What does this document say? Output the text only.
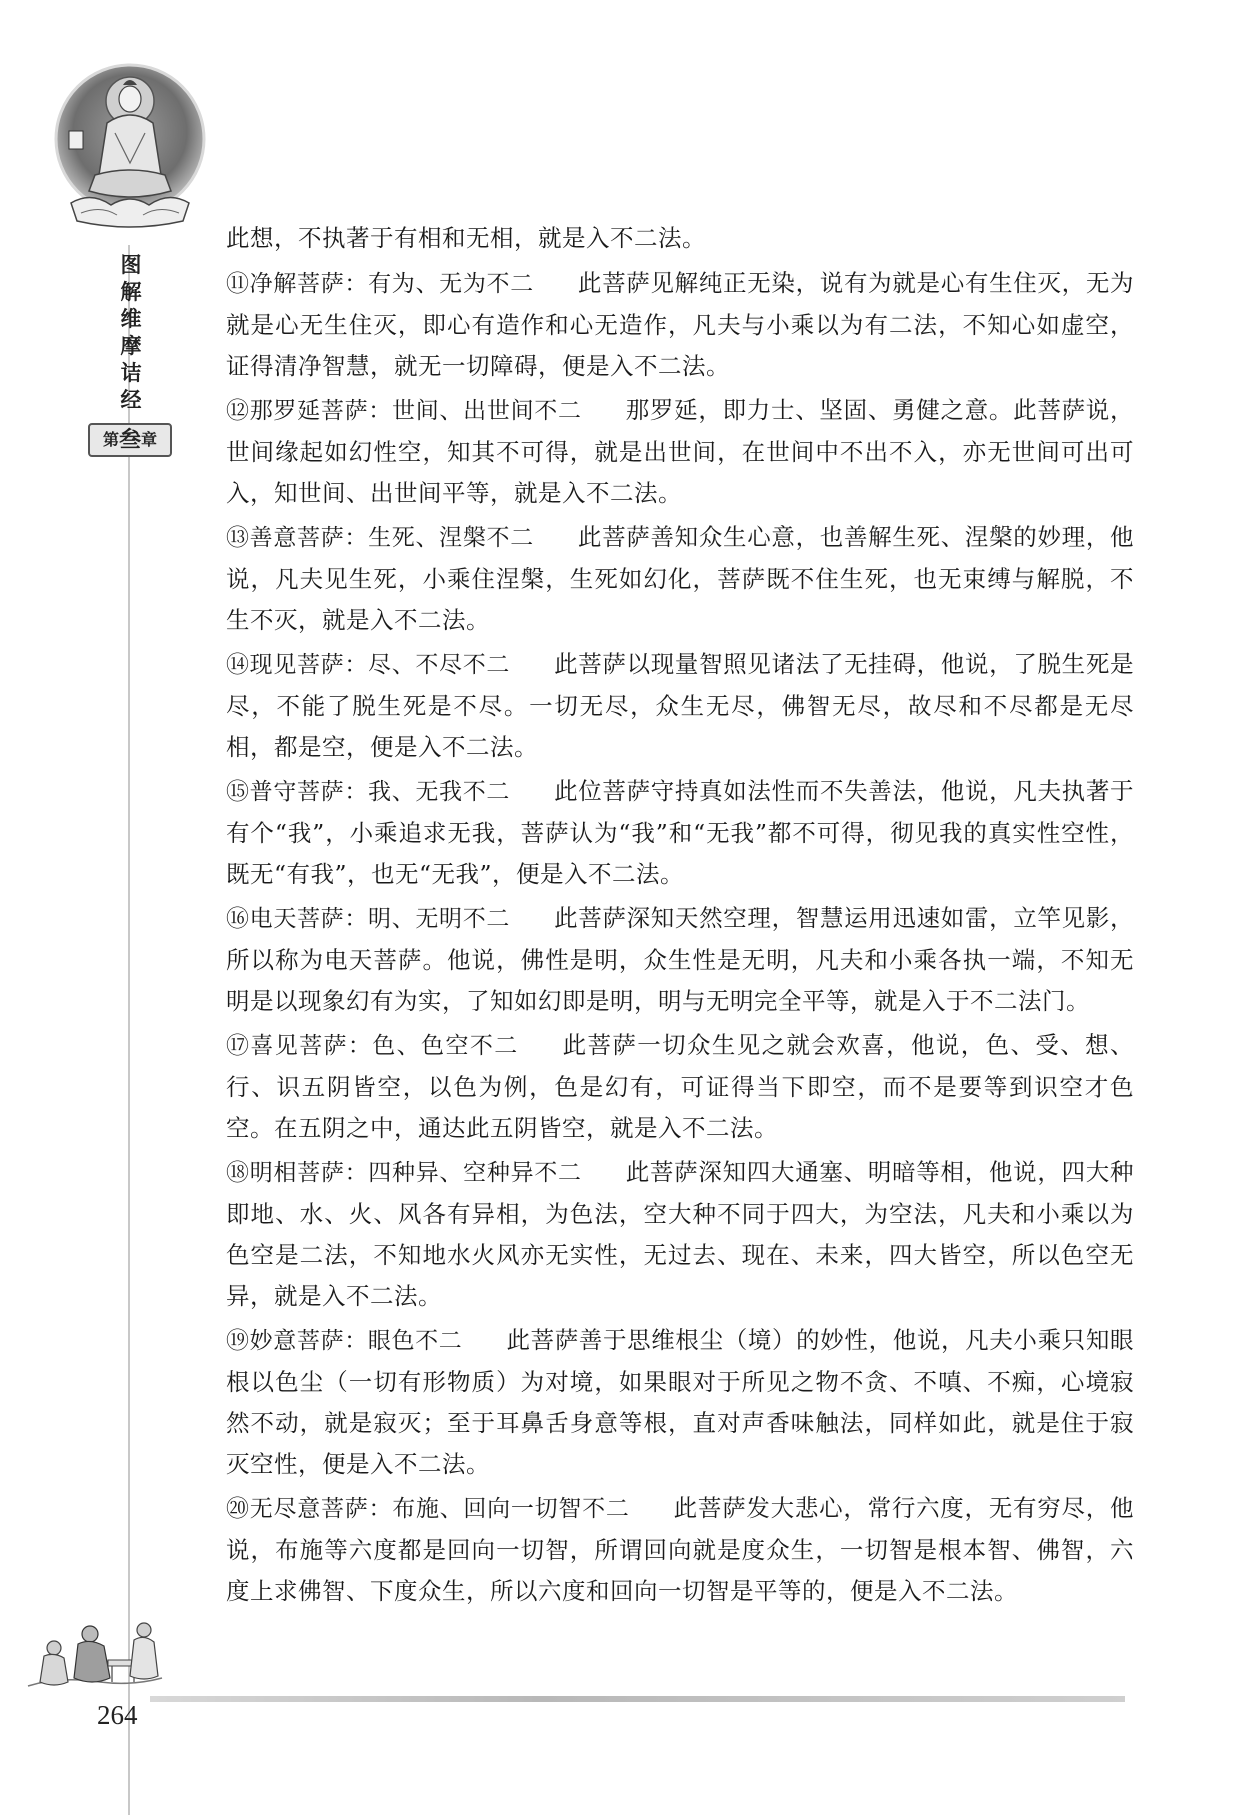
图
解
维
摩
诘
经
第叁章

此想，不执著于有相和无相，就是入不二法。

⑪净解菩萨：有为、无为不二 此菩萨见解纯正无染，说有为就是心有生住灭，无为就是心无生住灭，即心有造作和心无造作，凡夫与小乘以为有二法，不知心如虚空，证得清净智慧，就无一切障碍，便是入不二法。

⑫那罗延菩萨：世间、出世间不二 那罗延，即力士、坚固、勇健之意。此菩萨说，世间缘起如幻性空，知其不可得，就是出世间，在世间中不出不入，亦无世间可出可入，知世间、出世间平等，就是入不二法。

⑬善意菩萨：生死、涅槃不二 此菩萨善知众生心意，也善解生死、涅槃的妙理，他说，凡夫见生死，小乘住涅槃，生死如幻化，菩萨既不住生死，也无束缚与解脱，不生不灭，就是入不二法。

⑭现见菩萨：尽、不尽不二 此菩萨以现量智照见诸法了无挂碍，他说，了脱生死是尽，不能了脱生死是不尽。一切无尽，众生无尽，佛智无尽，故尽和不尽都是无尽相，都是空，便是入不二法。

⑮普守菩萨：我、无我不二 此位菩萨守持真如法性而不失善法，他说，凡夫执著于有个“我”，小乘追求无我，菩萨认为“我”和“无我”都不可得，彻见我的真实性空性，既无“有我”，也无“无我”，便是入不二法。

⑯电天菩萨：明、无明不二 此菩萨深知天然空理，智慧运用迅速如雷，立竿见影，所以称为电天菩萨。他说，佛性是明，众生性是无明，凡夫和小乘各执一端，不知无明是以现象幻有为实，了知如幻即是明，明与无明完全平等，就是入于不二法门。

⑰喜见菩萨：色、色空不二 此菩萨一切众生见之就会欢喜，他说，色、受、想、行、识五阴皆空，以色为例，色是幻有，可证得当下即空，而不是要等到识空才色空。在五阴之中，通达此五阴皆空，就是入不二法。

⑱明相菩萨：四种异、空种异不二 此菩萨深知四大通塞、明暗等相，他说，四大种即地、水、火、风各有异相，为色法，空大种不同于四大，为空法，凡夫和小乘以为色空是二法，不知地水火风亦无实性，无过去、现在、未来，四大皆空，所以色空无异，就是入不二法。

⑲妙意菩萨：眼色不二 此菩萨善于思维根尘（境）的妙性，他说，凡夫小乘只知眼根以色尘（一切有形物质）为对境，如果眼对于所见之物不贪、不嗔、不痴，心境寂然不动，就是寂灭；至于耳鼻舌身意等根，直对声香味触法，同样如此，就是住于寂灭空性，便是入不二法。

⑳无尽意菩萨：布施、回向一切智不二 此菩萨发大悲心，常行六度，无有穷尽，他说，布施等六度都是回向一切智，所谓回向就是度众生，一切智是根本智、佛智，六度上求佛智、下度众生，所以六度和回向一切智是平等的，便是入不二法。

264
